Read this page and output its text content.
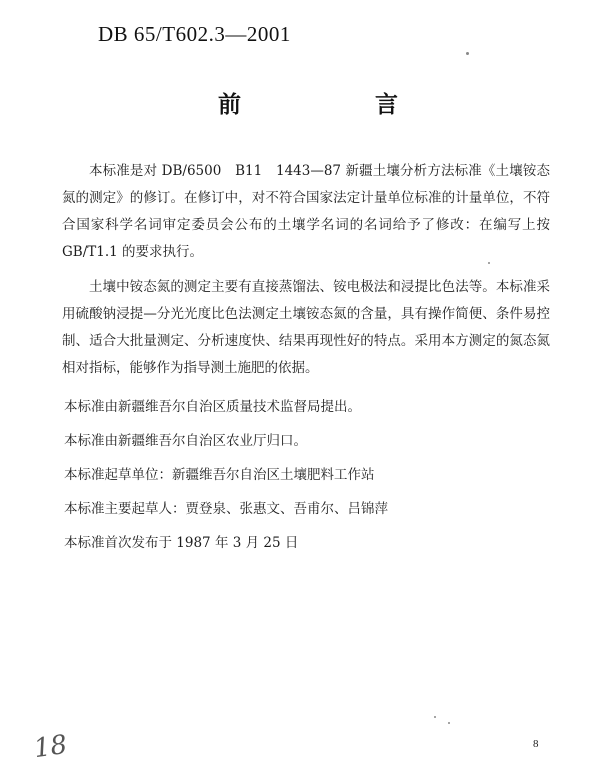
DB 65/T602.3—2001
前	言

本标准是对 DB/6500　B11　1443—87 新疆土壤分析方法标准《土壤铵态氮的测定》的修订。在修订中，对不符合国家法定计量单位标准的计量单位，不符合国家科学名词审定委员会公布的土壤学名词的名词给予了修改：在编写上按 GB/T1.1 的要求执行。

土壤中铵态氮的测定主要有直接蒸馏法、铵电极法和浸提比色法等。本标准采用硫酸钠浸提—分光光度比色法测定土壤铵态氮的含量，具有操作简便、条件易控制、适合大批量测定、分析速度快、结果再现性好的特点。采用本方测定的氮态氮相对指标，能够作为指导测土施肥的依据。

本标准由新疆维吾尔自治区质量技术监督局提出。

本标准由新疆维吾尔自治区农业厅归口。

本标准起草单位：新疆维吾尔自治区土壤肥料工作站

本标准主要起草人：贾登泉、张惠文、吾甫尔、吕锦萍

本标准首次发布于 1987 年 3 月 25 日

18	8
